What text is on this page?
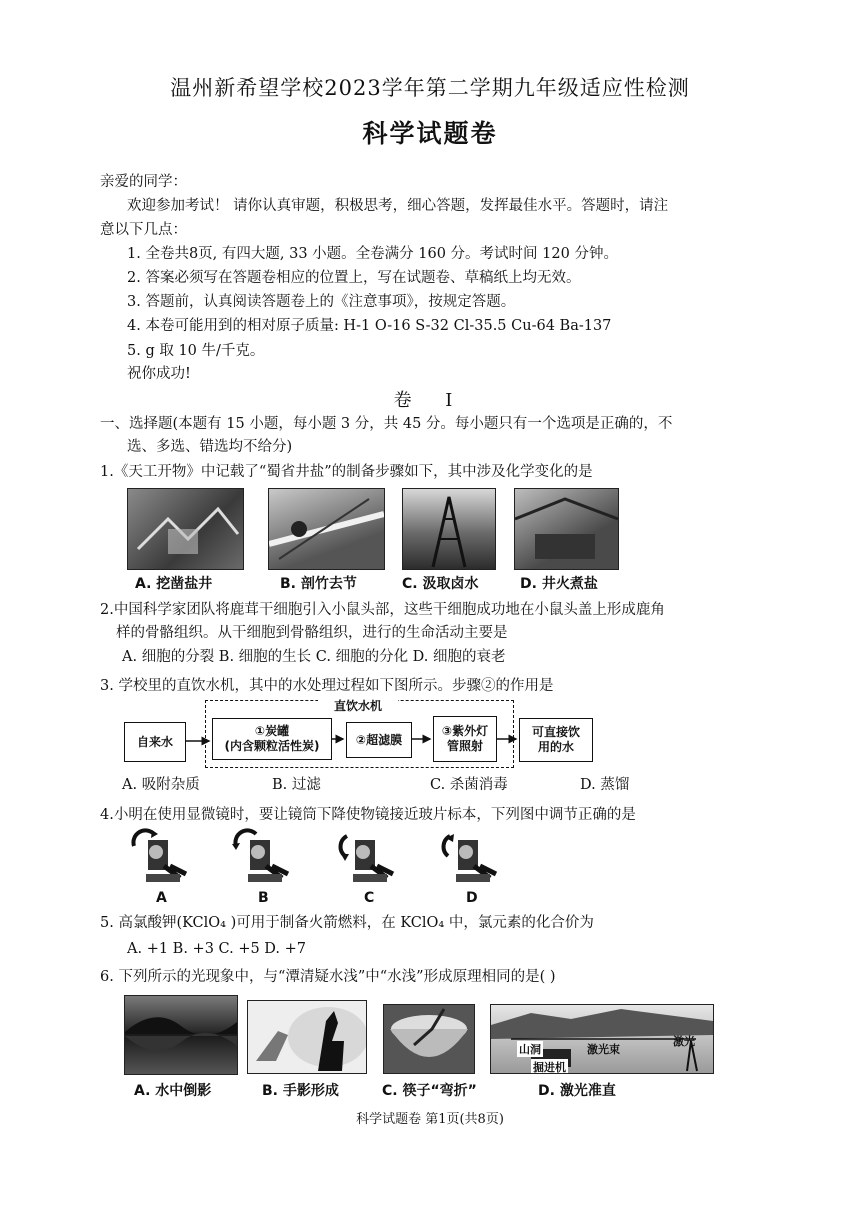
温州新希望学校2023学年第二学期九年级适应性检测
科学试题卷
亲爱的同学：
欢迎参加考试！ 请你认真审题，积极思考，细心答题，发挥最佳水平。答题时，请注
意以下几点：
1. 全卷共8页, 有四大题, 33 小题。全卷满分 160 分。考试时间 120 分钟。
2. 答案必须写在答题卷相应的位置上，写在试题卷、草稿纸上均无效。
3. 答题前，认真阅读答题卷上的《注意事项》，按规定答题。
4. 本卷可能用到的相对原子质量: H-1 O-16 S-32 Cl-35.5 Cu-64 Ba-137
5. g 取 10 牛/千克。
祝你成功!
卷 Ⅰ
一、选择题(本题有 15 小题，每小题 3 分，共 45 分。每小题只有一个选项是正确的，不
选、多选、错选均不给分)
1.《天工开物》中记载了“蜀省井盐”的制备步骤如下，其中涉及化学变化的是
A. 挖凿盐井	B. 剖竹去节	C. 汲取卤水	D. 井火煮盐
2.中国科学家团队将鹿茸干细胞引入小鼠头部，这些干细胞成功地在小鼠头盖上形成鹿角
样的骨骼组织。从干细胞到骨骼组织，进行的生命活动主要是
A. 细胞的分裂 B. 细胞的生长 C. 细胞的分化 D. 细胞的衰老
3. 学校里的直饮水机，其中的水处理过程如下图所示。步骤②的作用是
直饮水机
自来水
①炭罐
(内含颗粒活性炭)	②超滤膜
③紫外灯
管照射
可直接饮
用的水
A. 吸附杂质	B. 过滤	C. 杀菌消毒	D. 蒸馏
4.小明在使用显微镜时，要让镜筒下降使物镜接近玻片标本，下列图中调节正确的是
A	B	C	D
5. 高氯酸钾(KClO₄ )可用于制备火箭燃料，在 KClO₄ 中，氯元素的化合价为
A. +1 B. +3 C. +5 D. +7
6. 下列所示的光现象中，与“潭清疑水浅”中“水浅”形成原理相同的是( )
山洞	激光束
激光
掘进机
A. 水中倒影	B. 手影形成	C. 筷子“弯折”	D. 激光准直
科学试题卷 第1页(共8页)
